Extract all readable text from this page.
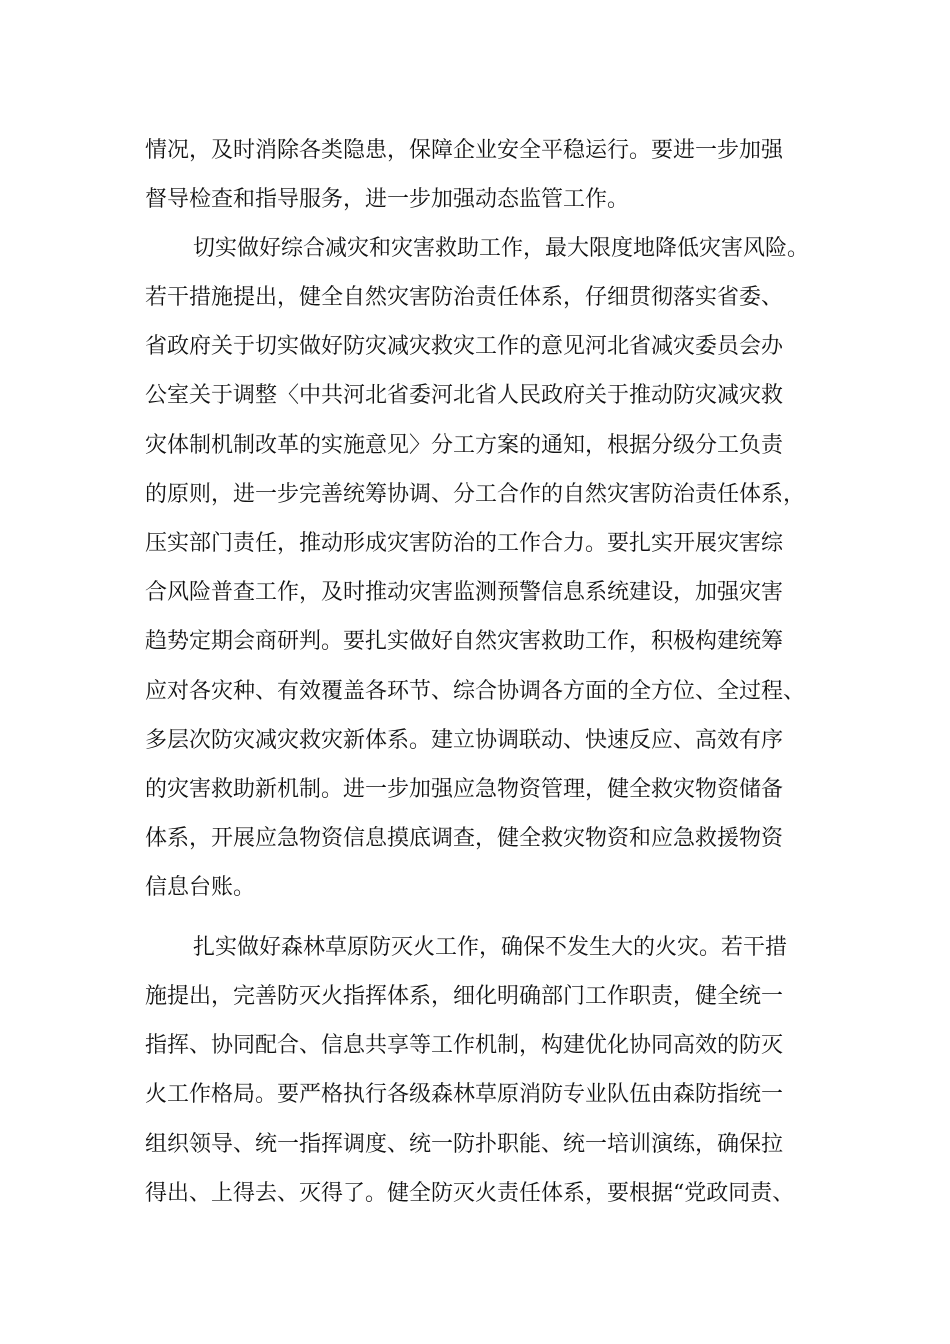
情况，及时消除各类隐患，保障企业安全平稳运行。要进一步加强
督导检查和指导服务，进一步加强动态监管工作。
切实做好综合减灾和灾害救助工作，最大限度地降低灾害风险。
若干措施提出，健全自然灾害防治责任体系，仔细贯彻落实省委、
省政府关于切实做好防灾减灾救灾工作的意见河北省减灾委员会办
公室关于调整〈中共河北省委河北省人民政府关于推动防灾减灾救
灾体制机制改革的实施意见〉分工方案的通知，根据分级分工负责
的原则，进一步完善统筹协调、分工合作的自然灾害防治责任体系，
压实部门责任，推动形成灾害防治的工作合力。要扎实开展灾害综
合风险普查工作，及时推动灾害监测预警信息系统建设，加强灾害
趋势定期会商研判。要扎实做好自然灾害救助工作，积极构建统筹
应对各灾种、有效覆盖各环节、综合协调各方面的全方位、全过程、
多层次防灾减灾救灾新体系。建立协调联动、快速反应、高效有序
的灾害救助新机制。进一步加强应急物资管理，健全救灾物资储备
体系，开展应急物资信息摸底调查，健全救灾物资和应急救援物资
信息台账。
扎实做好森林草原防灭火工作，确保不发生大的火灾。若干措
施提出，完善防灭火指挥体系，细化明确部门工作职责，健全统一
指挥、协同配合、信息共享等工作机制，构建优化协同高效的防灭
火工作格局。要严格执行各级森林草原消防专业队伍由森防指统一
组织领导、统一指挥调度、统一防扑职能、统一培训演练，确保拉
得出、上得去、灭得了。健全防灭火责任体系，要根据“党政同责、
